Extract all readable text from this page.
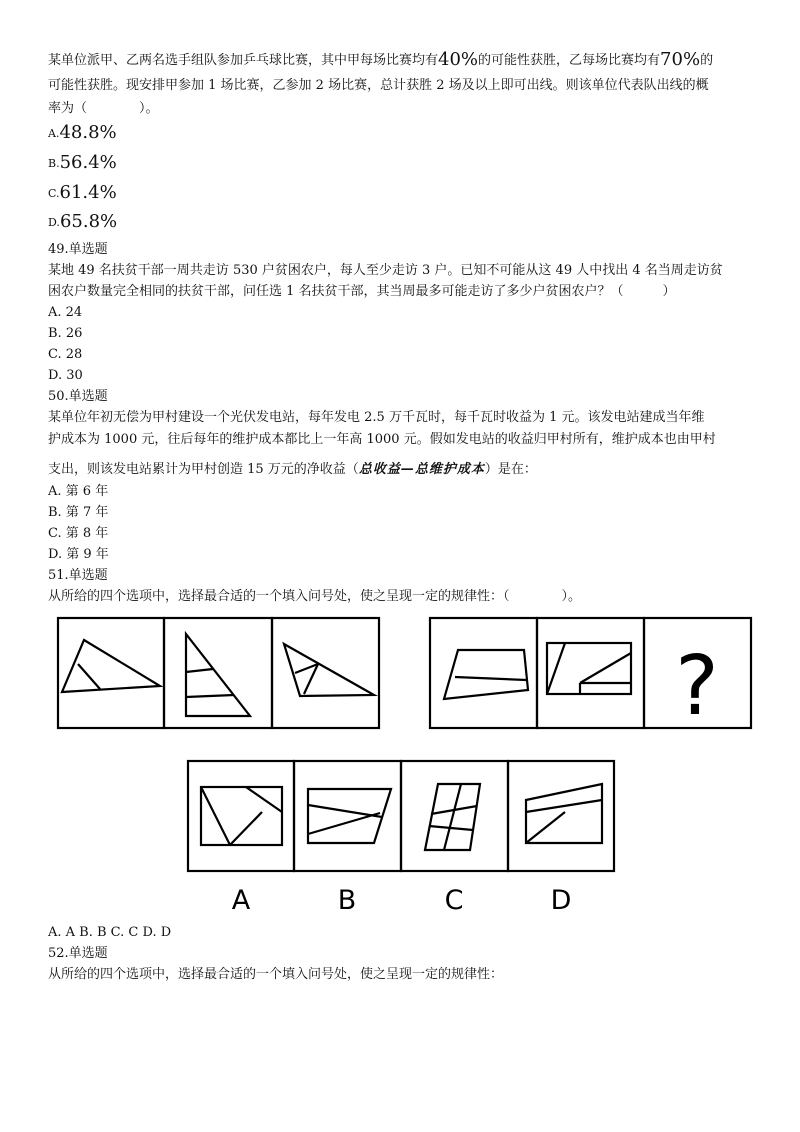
某单位派甲、乙两名选手组队参加乒乓球比赛，其中甲每场比赛均有40%的可能性获胜，乙每场比赛均有70%的
可能性获胜。现安排甲参加 1 场比赛，乙参加 2 场比赛，总计获胜 2 场及以上即可出线。则该单位代表队出线的概
率为（　　　　）。
A.48.8%
B.56.4%
C.61.4%
D.65.8%
49.单选题
某地 49 名扶贫干部一周共走访 530 户贫困农户，每人至少走访 3 户。已知不可能从这 49 人中找出 4 名当周走访贫
困农户数量完全相同的扶贫干部，问任选 1 名扶贫干部，其当周最多可能走访了多少户贫困农户？（　　　）
A. 24
B. 26
C. 28
D. 30
50.单选题
某单位年初无偿为甲村建设一个光伏发电站，每年发电 2.5 万千瓦时，每千瓦时收益为 1 元。该发电站建成当年维
护成本为 1000 元，往后每年的维护成本都比上一年高 1000 元。假如发电站的收益归甲村所有，维护成本也由甲村
支出，则该发电站累计为甲村创造 15 万元的净收益（总收益—总维护成本）是在：
A. 第 6 年
B. 第 7 年
C. 第 8 年
D. 第 9 年
51.单选题
从所给的四个选项中，选择最合适的一个填入问号处，使之呈现一定的规律性：（　　　　）。
?
A	B	C	D
A. A B. B C. C D. D
52.单选题
从所给的四个选项中，选择最合适的一个填入问号处，使之呈现一定的规律性：
